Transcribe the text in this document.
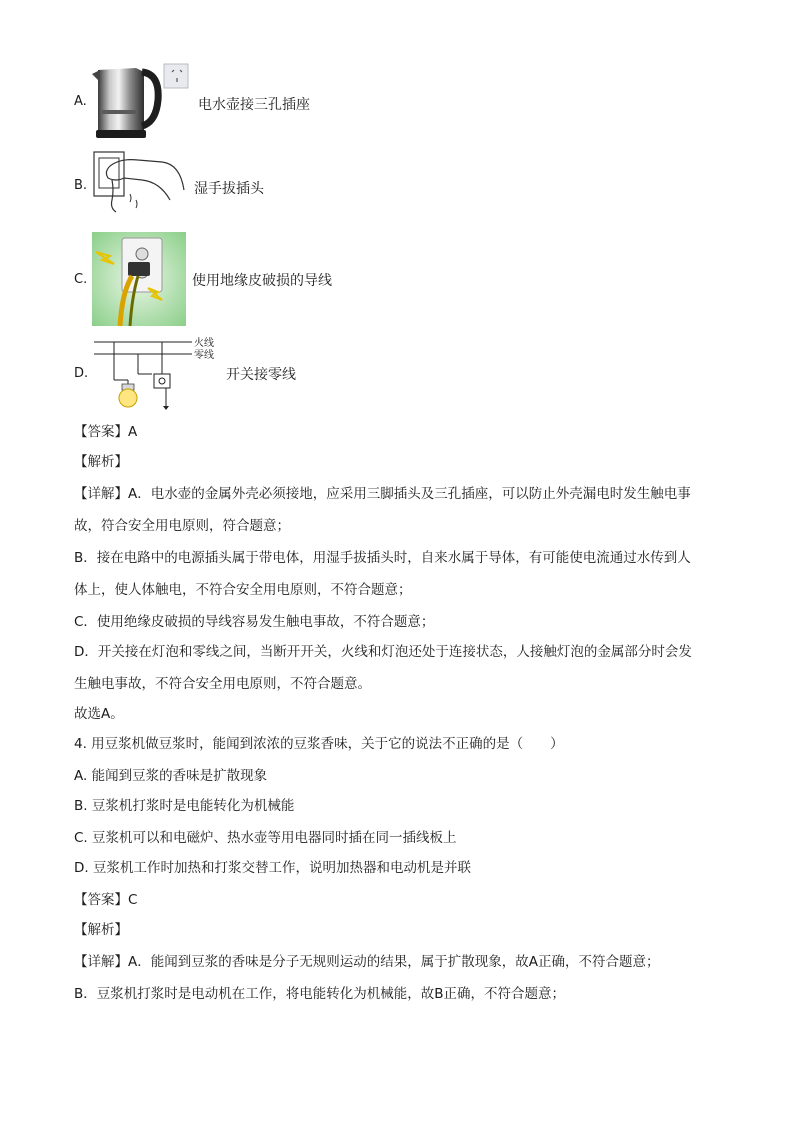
A.	电水壶接三孔插座
B.	湿手拔插头
C.	使用地缘皮破损的导线
D.
火线
零线
开关接零线
【答案】A
【解析】
【详解】A．电水壶的金属外壳必须接地，应采用三脚插头及三孔插座，可以防止外壳漏电时发生触电事
故，符合安全用电原则，符合题意；
B．接在电路中的电源插头属于带电体，用湿手拔插头时，自来水属于导体，有可能使电流通过水传到人
体上，使人体触电，不符合安全用电原则，不符合题意；
C．使用绝缘皮破损的导线容易发生触电事故，不符合题意；
D．开关接在灯泡和零线之间，当断开开关，火线和灯泡还处于连接状态，人接触灯泡的金属部分时会发
生触电事故，不符合安全用电原则，不符合题意。
故选A。
4. 用豆浆机做豆浆时，能闻到浓浓的豆浆香味，关于它的说法不正确的是（　　）
A. 能闻到豆浆的香味是扩散现象
B. 豆浆机打浆时是电能转化为机械能
C. 豆浆机可以和电磁炉、热水壶等用电器同时插在同一插线板上
D. 豆浆机工作时加热和打浆交替工作，说明加热器和电动机是并联
【答案】C
【解析】
【详解】A．能闻到豆浆的香味是分子无规则运动的结果，属于扩散现象，故A正确，不符合题意；
B．豆浆机打浆时是电动机在工作，将电能转化为机械能，故B正确，不符合题意；
